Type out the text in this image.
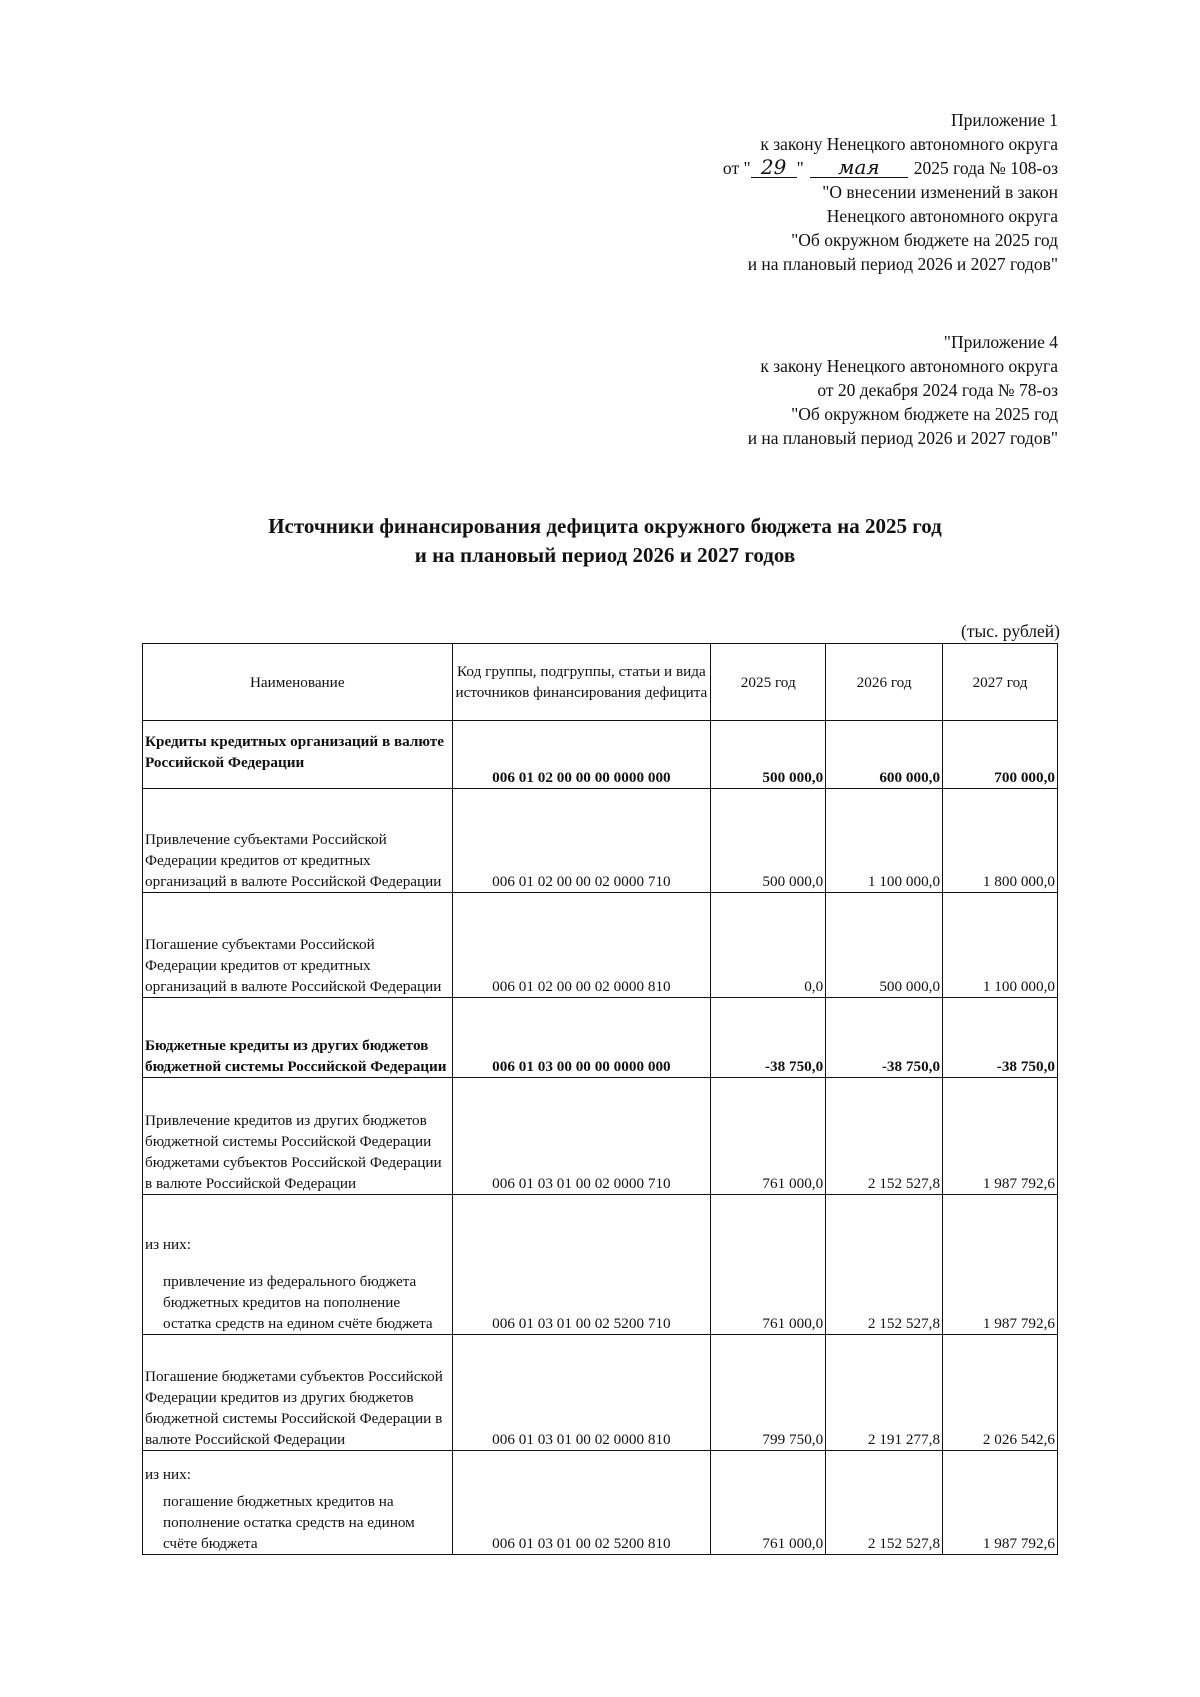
Приложение 1
к закону Ненецкого автономного округа
от " 29 " мая 2025 года № 108-оз
"О внесении изменений в закон
Ненецкого автономного округа
"Об окружном бюджете на 2025 год
и на плановый период 2026 и 2027 годов"
"Приложение 4
к закону Ненецкого автономного округа
от 20 декабря 2024 года № 78-оз
"Об окружном бюджете на 2025 год
и на плановый период 2026 и 2027 годов"
Источники финансирования дефицита окружного бюджета на 2025 год
и на плановый период 2026 и 2027 годов
(тыс. рублей)
Наименование	Код группы, подгруппы, статьи и вида источников финансирования дефицита	2025 год	2026 год	2027 год
Кредиты кредитных организаций в валюте Российской Федерации	006 01 02 00 00 00 0000 000	500 000,0	600 000,0	700 000,0
Привлечение субъектами Российской Федерации кредитов от кредитных организаций в валюте Российской Федерации	006 01 02 00 00 02 0000 710	500 000,0	1 100 000,0	1 800 000,0
Погашение субъектами Российской Федерации кредитов от кредитных организаций в валюте Российской Федерации	006 01 02 00 00 02 0000 810	0,0	500 000,0	1 100 000,0
Бюджетные кредиты из других бюджетов бюджетной системы Российской Федерации	006 01 03 00 00 00 0000 000	-38 750,0	-38 750,0	-38 750,0
Привлечение кредитов из других бюджетов бюджетной системы Российской Федерации бюджетами субъектов Российской Федерации в валюте Российской Федерации	006 01 03 01 00 02 0000 710	761 000,0	2 152 527,8	1 987 792,6

из них:
привлечение из федерального бюджета бюджетных кредитов на пополнение остатка средств на едином счёте бюджета	006 01 03 01 00 02 5200 710	761 000,0	2 152 527,8	1 987 792,6
Погашение бюджетами субъектов Российской Федерации кредитов из других бюджетов бюджетной системы Российской Федерации в валюте Российской Федерации	006 01 03 01 00 02 0000 810	799 750,0	2 191 277,8	2 026 542,6

из них:
погашение бюджетных кредитов на пополнение остатка средств на едином счёте бюджета	006 01 03 01 00 02 5200 810	761 000,0	2 152 527,8	1 987 792,6
